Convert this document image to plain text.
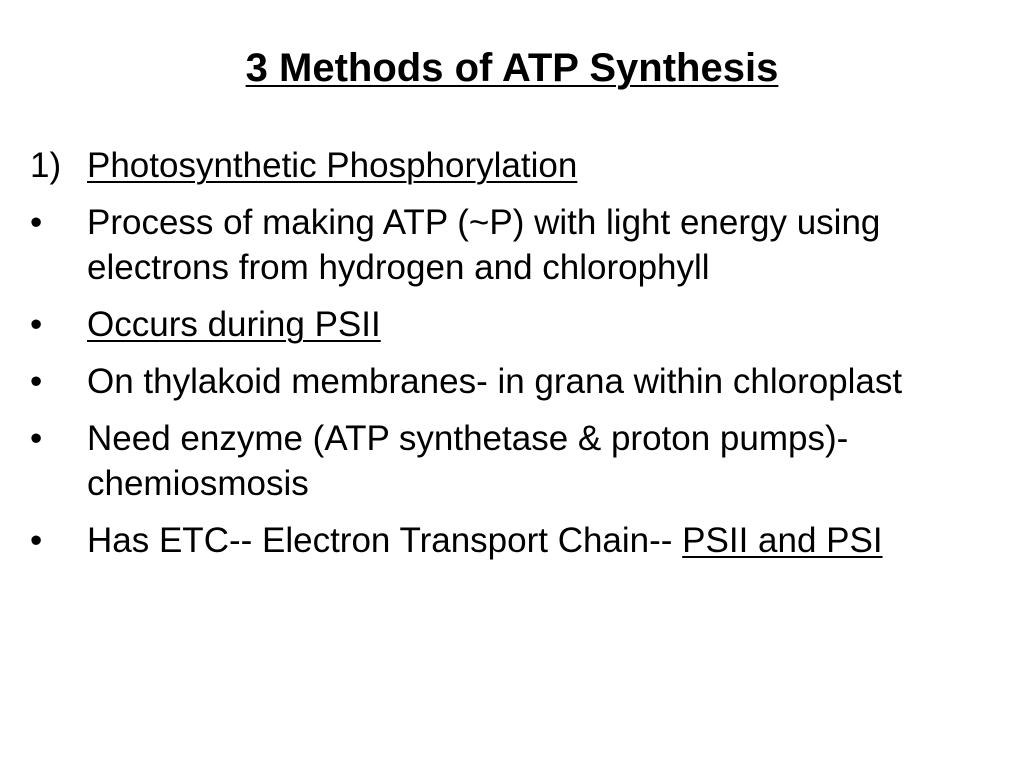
3 Methods of ATP Synthesis
1) Photosynthetic Phosphorylation
•	Process of making ATP (~P) with light energy using electrons from hydrogen and chlorophyll
•	Occurs during PSII
•	On thylakoid membranes- in grana within chloroplast
•	Need enzyme (ATP synthetase & proton pumps)- chemiosmosis
•	Has ETC-- Electron Transport Chain-- PSII and PSI
